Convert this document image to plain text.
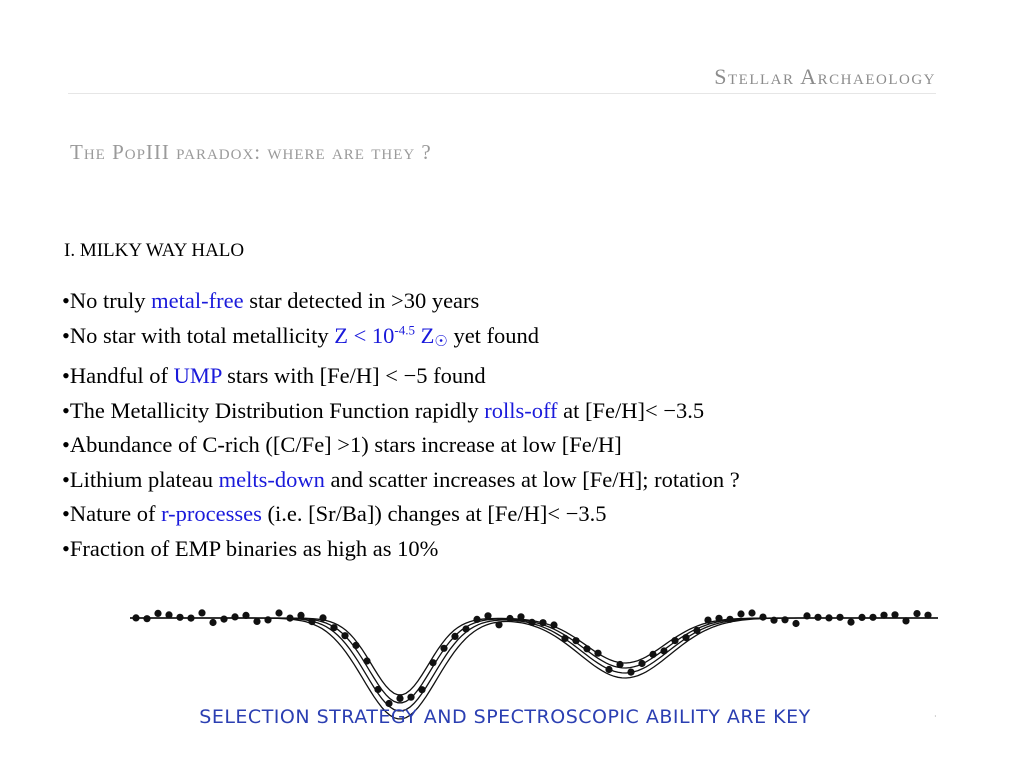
Stellar Archaeology
The PopIII paradox: where are they ?
I. MILKY WAY HALO
•No truly metal-free star detected in >30 years
•No star with total metallicity $Z < 10^{-4.5}$ $Z_☉$ yet found
•Handful of UMP stars with [Fe/H] < −5 found
•The Metallicity Distribution Function rapidly rolls-off at [Fe/H]< −3.5
•Abundance of C-rich ([C/Fe] >1) stars increase at low [Fe/H]
•Lithium plateau melts-down and scatter increases at low [Fe/H]; rotation ?
•Nature of r-processes (i.e. [Sr/Ba]) changes at [Fe/H]< −3.5
•Fraction of EMP binaries as high as 10%
SELECTION STRATEGY AND SPECTROSCOPIC ABILITY ARE KEY	·
